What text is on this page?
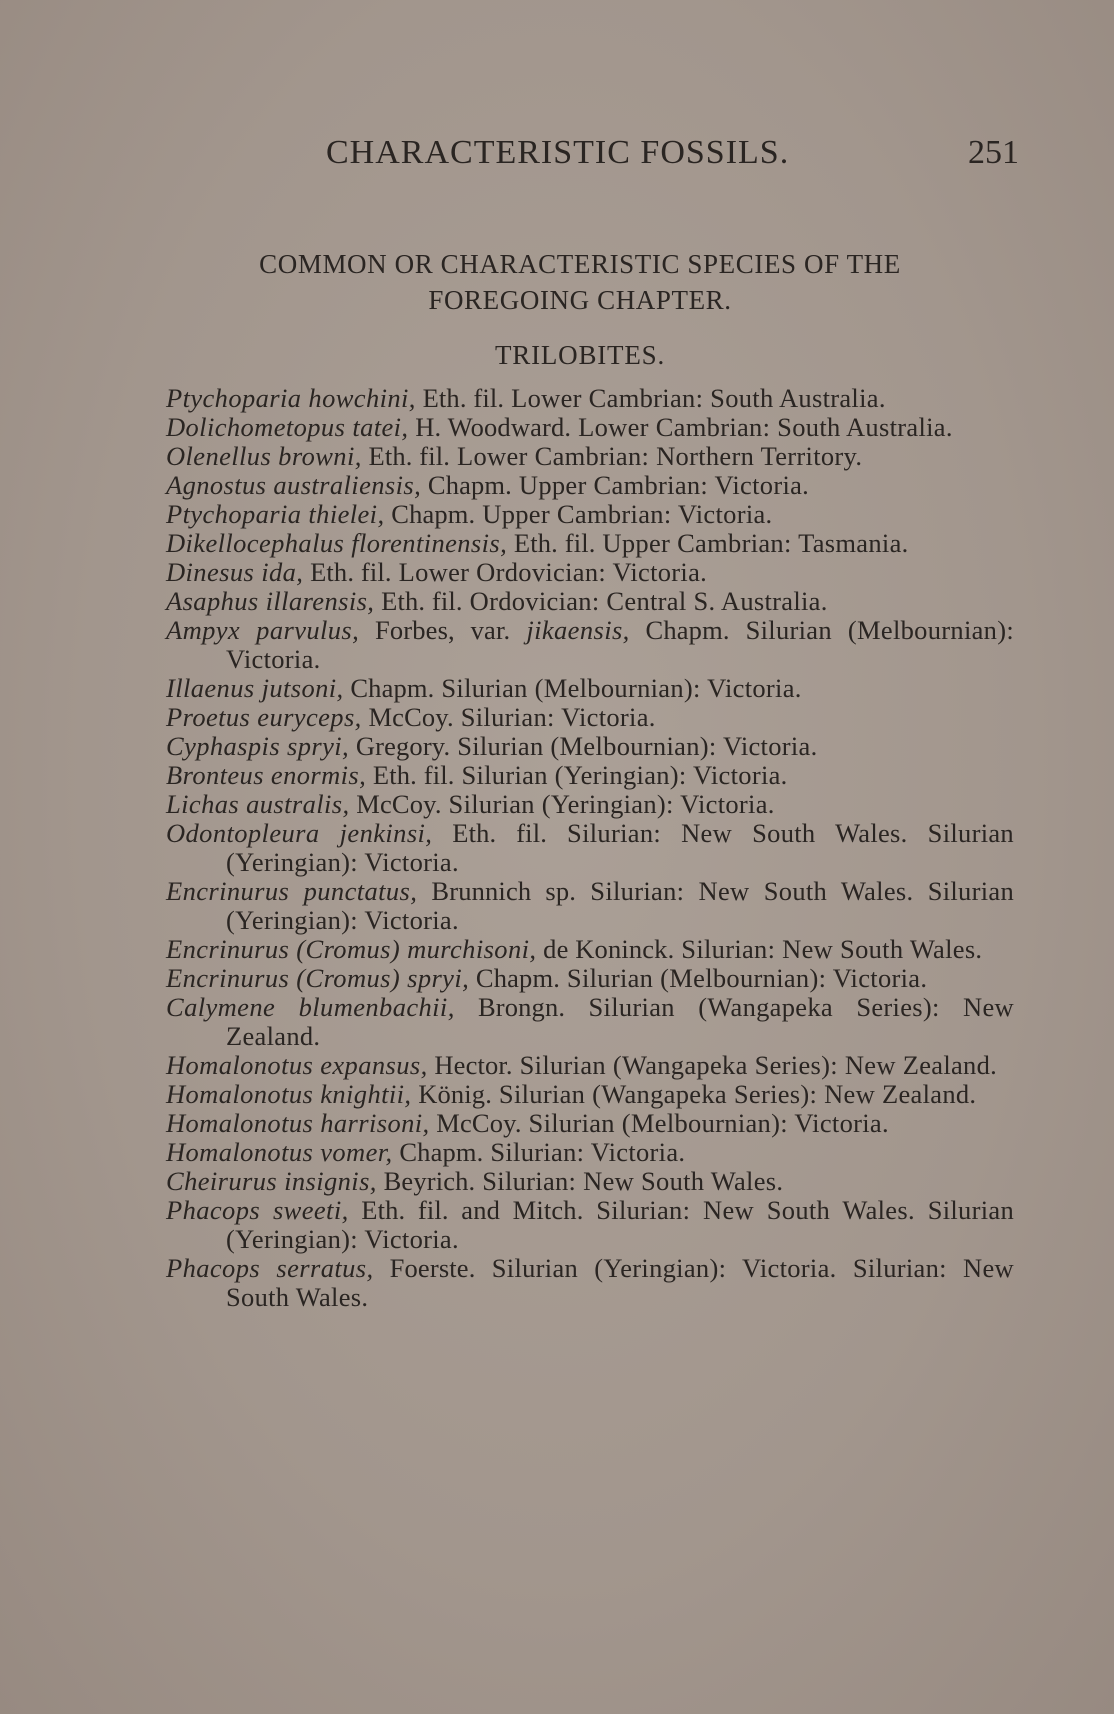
CHARACTERISTIC FOSSILS.	251
COMMON OR CHARACTERISTIC SPECIES OF THE
FOREGOING CHAPTER.
TRILOBITES.
Ptychoparia howchini, Eth. fil. Lower Cambrian: South Australia.
Dolichometopus tatei, H. Woodward. Lower Cambrian: South Australia.
Olenellus browni, Eth. fil. Lower Cambrian: Northern Territory.
Agnostus australiensis, Chapm. Upper Cambrian: Victoria.
Ptychoparia thielei, Chapm. Upper Cambrian: Victoria.
Dikellocephalus florentinensis, Eth. fil. Upper Cambrian: Tasmania.
Dinesus ida, Eth. fil. Lower Ordovician: Victoria.
Asaphus illarensis, Eth. fil. Ordovician: Central S. Australia.
Ampyx parvulus, Forbes, var. jikaensis, Chapm. Silurian (Melbournian): Victoria.
Illaenus jutsoni, Chapm. Silurian (Melbournian): Victoria.
Proetus euryceps, McCoy. Silurian: Victoria.
Cyphaspis spryi, Gregory. Silurian (Melbournian): Victoria.
Bronteus enormis, Eth. fil. Silurian (Yeringian): Victoria.
Lichas australis, McCoy. Silurian (Yeringian): Victoria.
Odontopleura jenkinsi, Eth. fil. Silurian: New South Wales. Silurian (Yeringian): Victoria.
Encrinurus punctatus, Brunnich sp. Silurian: New South Wales. Silurian (Yeringian): Victoria.
Encrinurus (Cromus) murchisoni, de Koninck. Silurian: New South Wales.
Encrinurus (Cromus) spryi, Chapm. Silurian (Melbournian): Victoria.
Calymene blumenbachii, Brongn. Silurian (Wangapeka Series): New Zealand.
Homalonotus expansus, Hector. Silurian (Wangapeka Series): New Zealand.
Homalonotus knightii, König. Silurian (Wangapeka Series): New Zealand.
Homalonotus harrisoni, McCoy. Silurian (Melbournian): Victoria.
Homalonotus vomer, Chapm. Silurian: Victoria.
Cheirurus insignis, Beyrich. Silurian: New South Wales.
Phacops sweeti, Eth. fil. and Mitch. Silurian: New South Wales. Silurian (Yeringian): Victoria.
Phacops serratus, Foerste. Silurian (Yeringian): Victoria. Silurian: New South Wales.
